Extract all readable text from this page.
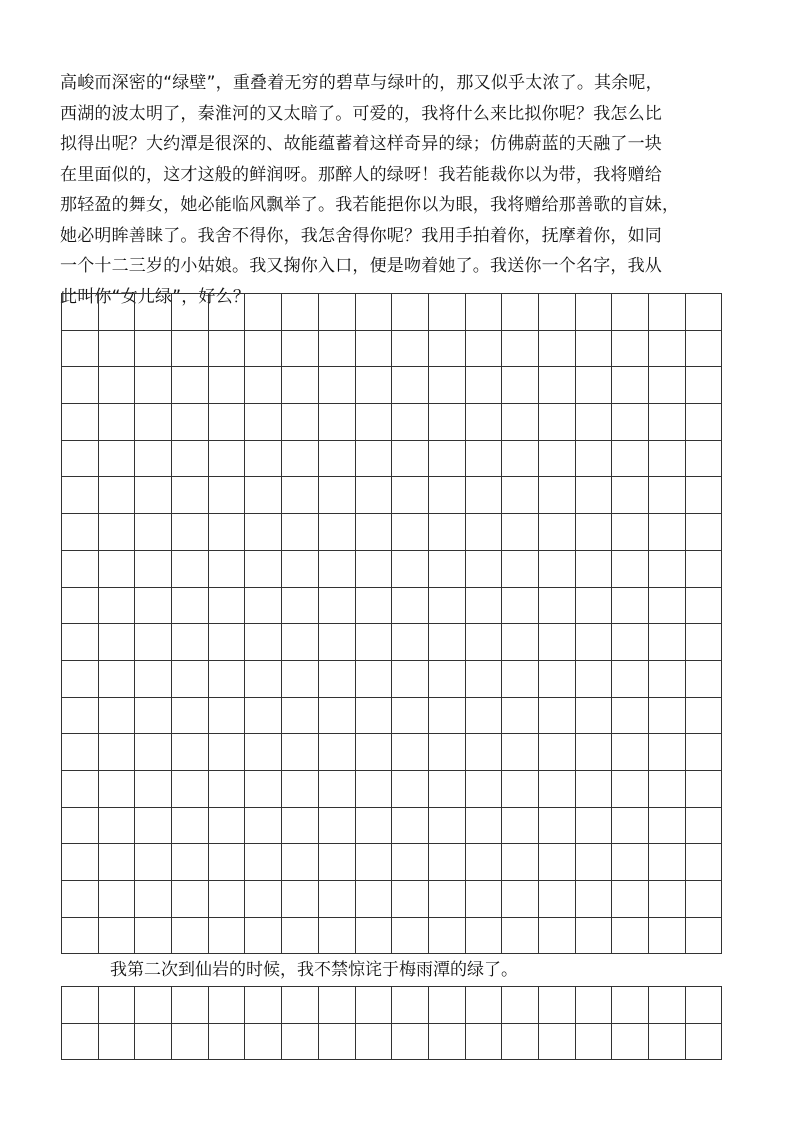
高峻而深密的“绿壁”，重叠着无穷的碧草与绿叶的，那又似乎太浓了。其余呢，
西湖的波太明了，秦淮河的又太暗了。可爱的，我将什么来比拟你呢？我怎么比
拟得出呢？大约潭是很深的、故能蕴蓄着这样奇异的绿；仿佛蔚蓝的天融了一块
在里面似的，这才这般的鲜润呀。那醉人的绿呀！我若能裁你以为带，我将赠给
那轻盈的舞女，她必能临风飘举了。我若能挹你以为眼，我将赠给那善歌的盲妹，
她必明眸善睐了。我舍不得你，我怎舍得你呢？我用手拍着你，抚摩着你，如同
一个十二三岁的小姑娘。我又掬你入口，便是吻着她了。我送你一个名字，我从
此叫你“女儿绿”，好么？
我第二次到仙岩的时候，我不禁惊诧于梅雨潭的绿了。
